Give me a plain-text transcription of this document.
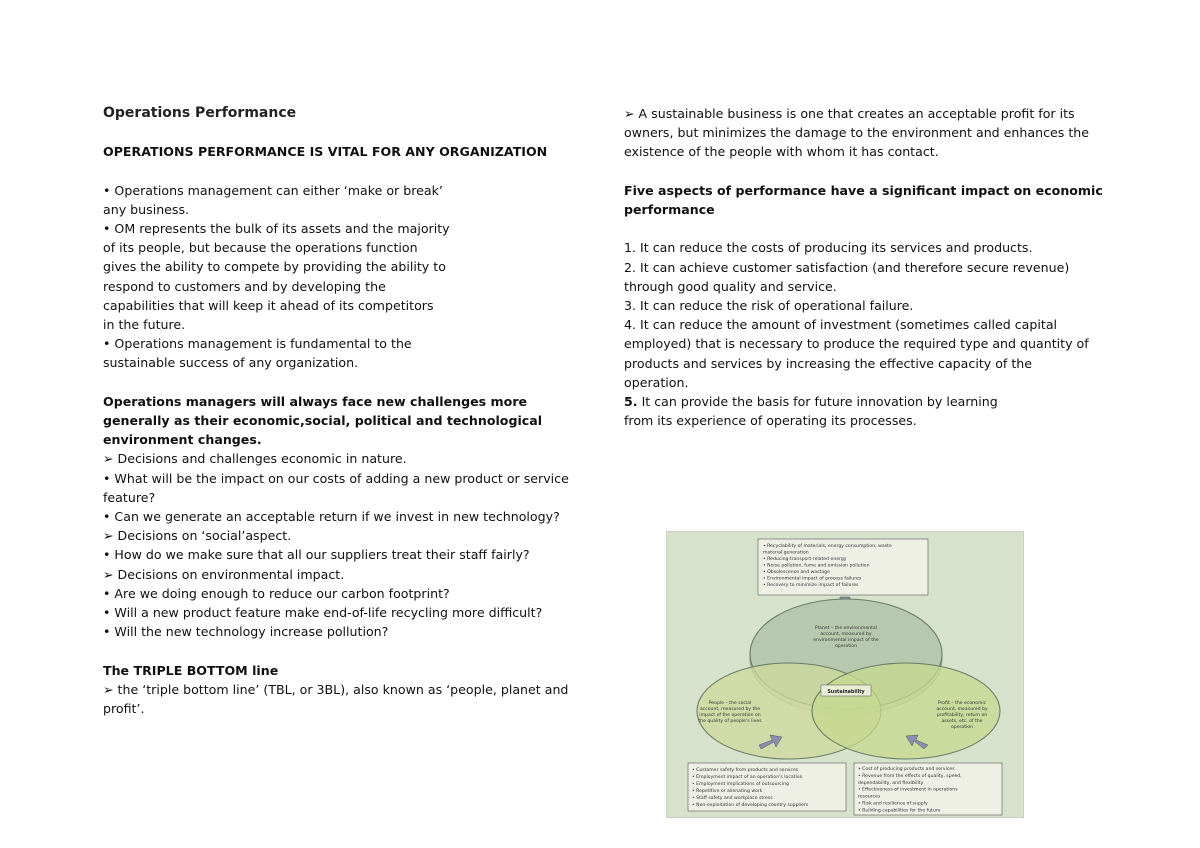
Operations Performance
OPERATIONS PERFORMANCE IS VITAL FOR ANY ORGANIZATION
• Operations management can either ‘make or break’
any business.
• OM represents the bulk of its assets and the majority
of its people, but because the operations function
gives the ability to compete by providing the ability to
respond to customers and by developing the
capabilities that will keep it ahead of its competitors
in the future.
• Operations management is fundamental to the
sustainable success of any organization.
Operations managers will always face new challenges more
generally as their economic,social, political and technological
environment changes.
➢ Decisions and challenges economic in nature.
• What will be the impact on our costs of adding a new product or service
feature?
• Can we generate an acceptable return if we invest in new technology?
➢ Decisions on ‘social’aspect.
• How do we make sure that all our suppliers treat their staff fairly?
➢ Decisions on environmental impact.
• Are we doing enough to reduce our carbon footprint?
• Will a new product feature make end-of-life recycling more difficult?
• Will the new technology increase pollution?
The TRIPLE BOTTOM line
➢ the ‘triple bottom line’ (TBL, or 3BL), also known as ‘people, planet and
profit’.
➢ A sustainable business is one that creates an acceptable profit for its
owners, but minimizes the damage to the environment and enhances the
existence of the people with whom it has contact.
Five aspects of performance have a significant impact on economic
performance
1. It can reduce the costs of producing its services and products.
2. It can achieve customer satisfaction (and therefore secure revenue)
through good quality and service.
3. It can reduce the risk of operational failure.
4. It can reduce the amount of investment (sometimes called capital
employed) that is necessary to produce the required type and quantity of
products and services by increasing the effective capacity of the
operation.
5. It can provide the basis for future innovation by learning
from its experience of operating its processes.
• Recyclability of materials, energy consumption, waste
material generation
• Reducing transport-related energy
• Noise pollution, fume and emission pollution
• Obsolescence and wastage
• Environmental impact of process failures
• Recovery to minimize impact of failures
Planet – the environmental
account, measured by
environmental impact of the
operation
People – the social
account, measured by the
impact of the operation on
the quality of people's lives
Profit – the economic
account, measured by
profitability, return on
assets, etc. of the
operation
Sustainability
• Customer safety from products and services
• Employment impact of an operation's location
• Employment implications of outsourcing
• Repetitive or alienating work
• Staff safety and workplace stress
• Non-exploitation of developing country suppliers
• Cost of producing products and services
• Revenue from the effects of quality, speed,
dependability, and flexibility
• Effectiveness of investment in operations
resources
• Risk and resilience of supply
• Building capabilities for the future
